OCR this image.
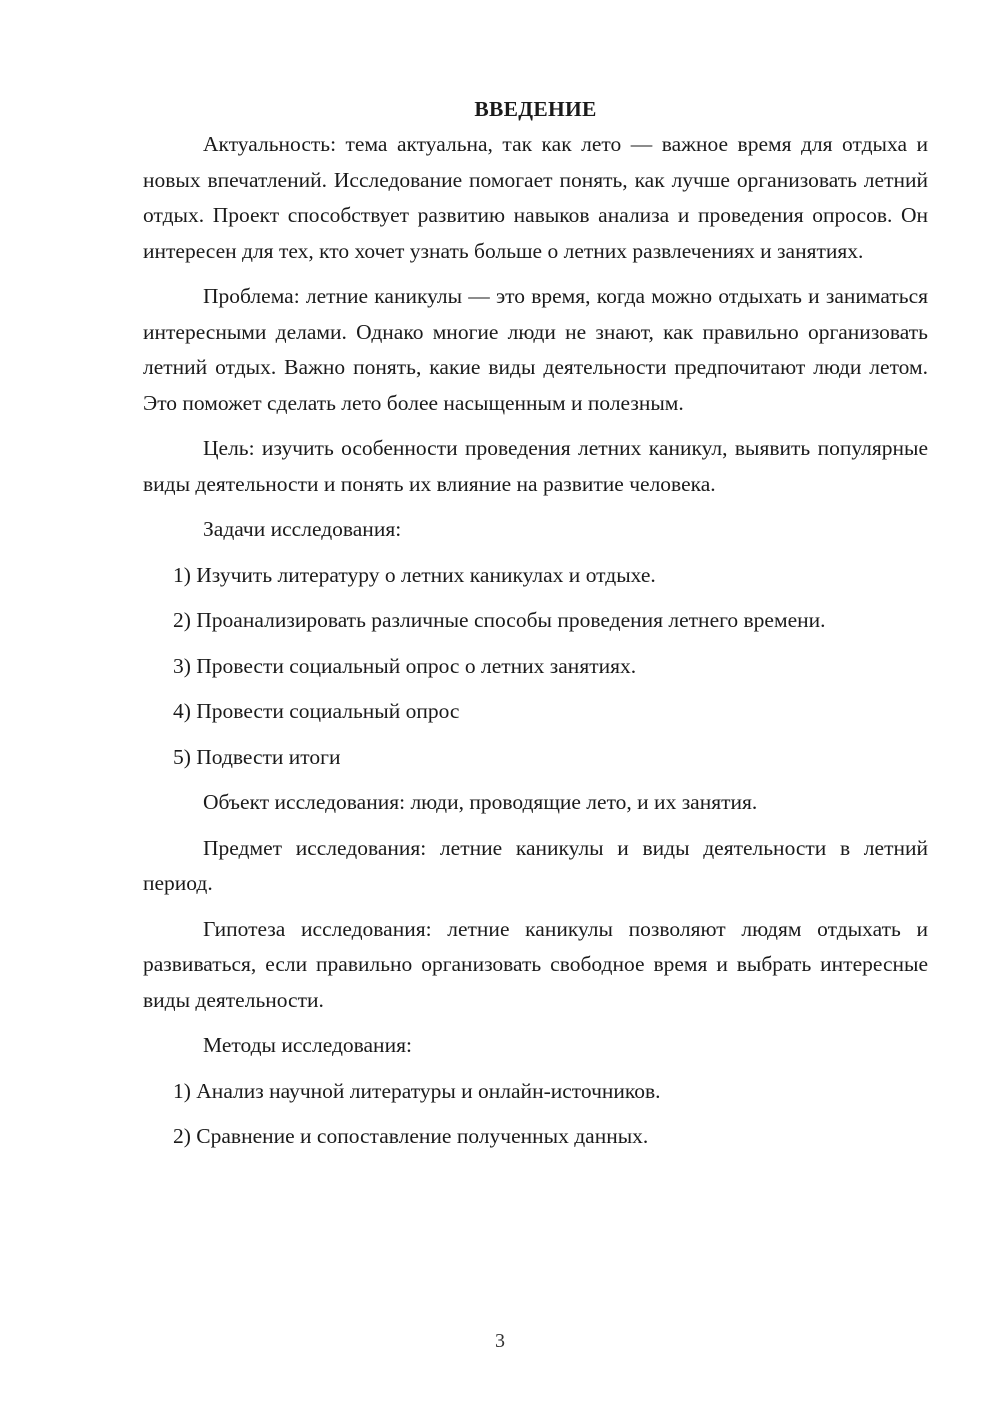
ВВЕДЕНИЕ

Актуальность: тема актуальна, так как лето — важное время для отдыха и новых впечатлений. Исследование помогает понять, как лучше организовать летний отдых. Проект способствует развитию навыков анализа и проведения опросов. Он интересен для тех, кто хочет узнать больше о летних развлечениях и занятиях.

Проблема: летние каникулы — это время, когда можно отдыхать и заниматься интересными делами. Однако многие люди не знают, как правильно организовать летний отдых. Важно понять, какие виды деятельности предпочитают люди летом. Это поможет сделать лето более насыщенным и полезным.

Цель: изучить особенности проведения летних каникул, выявить популярные виды деятельности и понять их влияние на развитие человека.

Задачи исследования:

1) Изучить литературу о летних каникулах и отдыхе.

2) Проанализировать различные способы проведения летнего времени.

3) Провести социальный опрос о летних занятиях.

4) Провести социальный опрос

5) Подвести итоги

Объект исследования: люди, проводящие лето, и их занятия.

Предмет исследования: летние каникулы и виды деятельности в летний период.

Гипотеза исследования: летние каникулы позволяют людям отдыхать и развиваться, если правильно организовать свободное время и выбрать интересные виды деятельности.

Методы исследования:

1) Анализ научной литературы и онлайн-источников.

2) Сравнение и сопоставление полученных данных.

3
